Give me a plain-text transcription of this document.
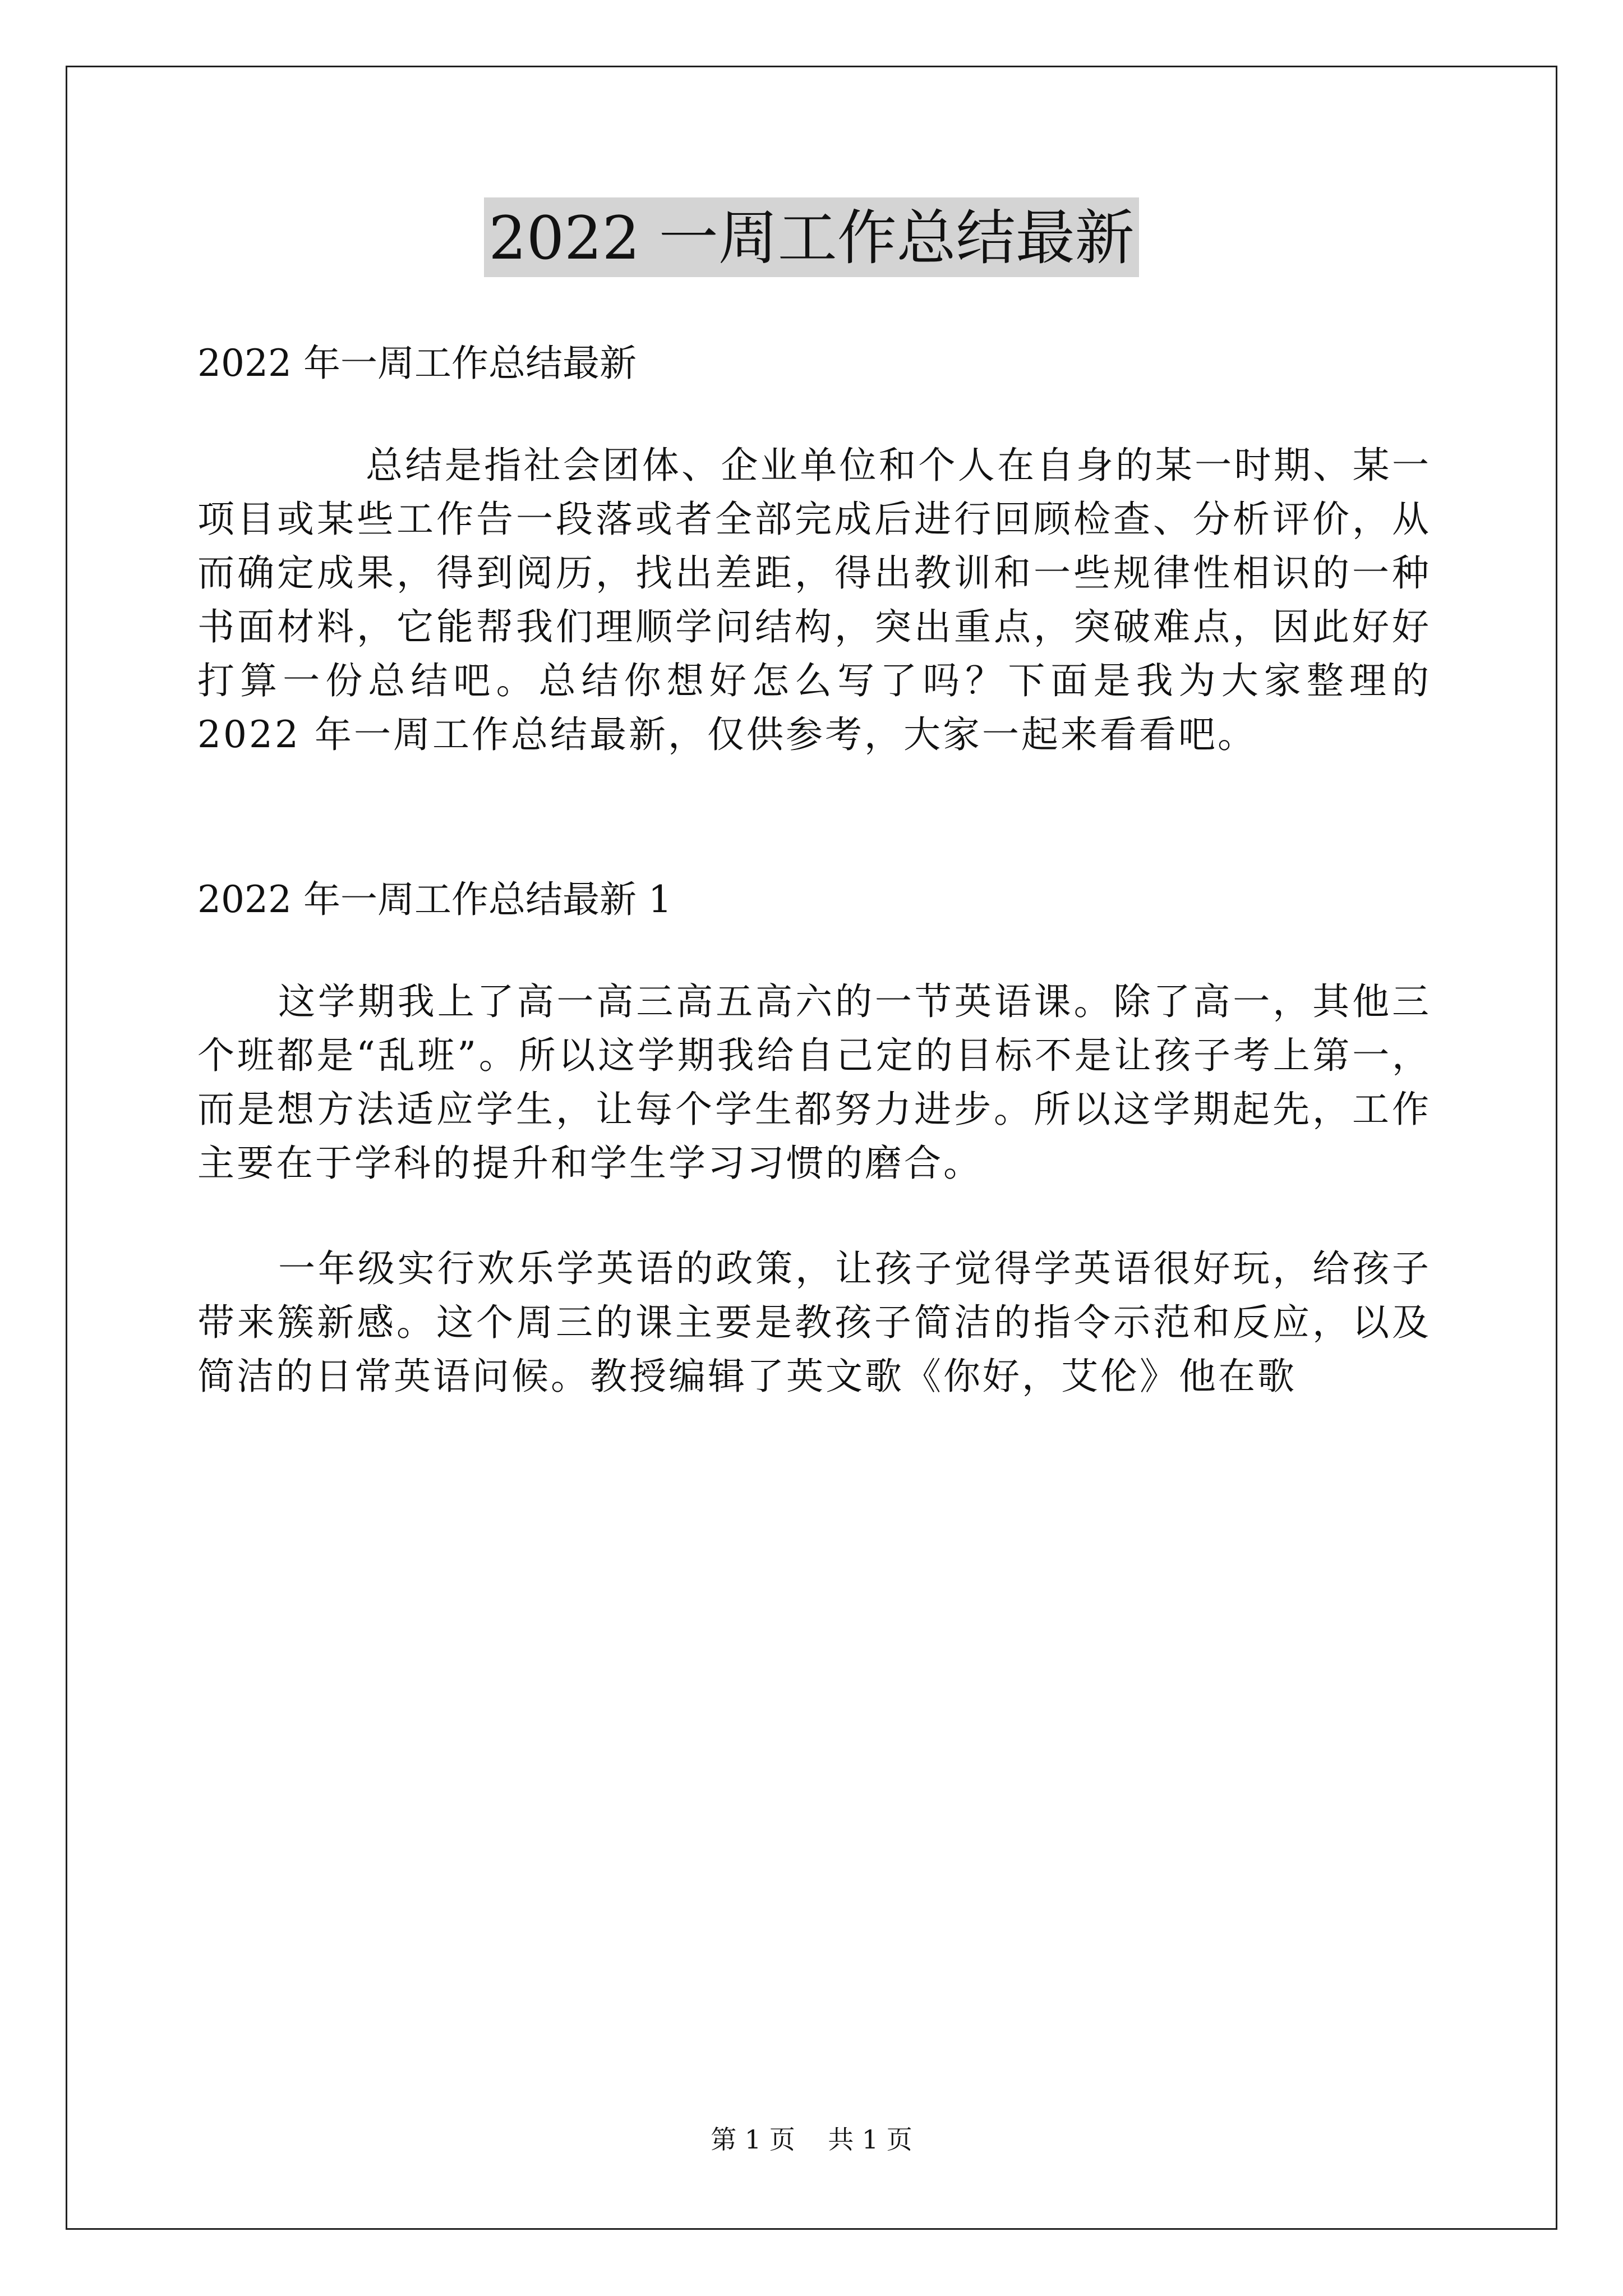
2022 一周工作总结最新
2022 年一周工作总结最新

总结是指社会团体、企业单位和个人在自身的某一时期、某一项目或某些工作告一段落或者全部完成后进行回顾检查、分析评价，从而确定成果，得到阅历，找出差距，得出教训和一些规律性相识的一种书面材料，它能帮我们理顺学问结构，突出重点，突破难点，因此好好打算一份总结吧。总结你想好怎么写了吗？下面是我为大家整理的 2022 年一周工作总结最新，仅供参考，大家一起来看看吧。

2022 年一周工作总结最新 1

这学期我上了高一高三高五高六的一节英语课。除了高一，其他三个班都是“乱班”。所以这学期我给自己定的目标不是让孩子考上第一，而是想方法适应学生，让每个学生都努力进步。所以这学期起先，工作主要在于学科的提升和学生学习习惯的磨合。

一年级实行欢乐学英语的政策，让孩子觉得学英语很好玩，给孩子带来簇新感。这个周三的课主要是教孩子简洁的指令示范和反应，以及简洁的日常英语问候。教授编辑了英文歌《你好，艾伦》他在歌

第 1 页    共 1 页
